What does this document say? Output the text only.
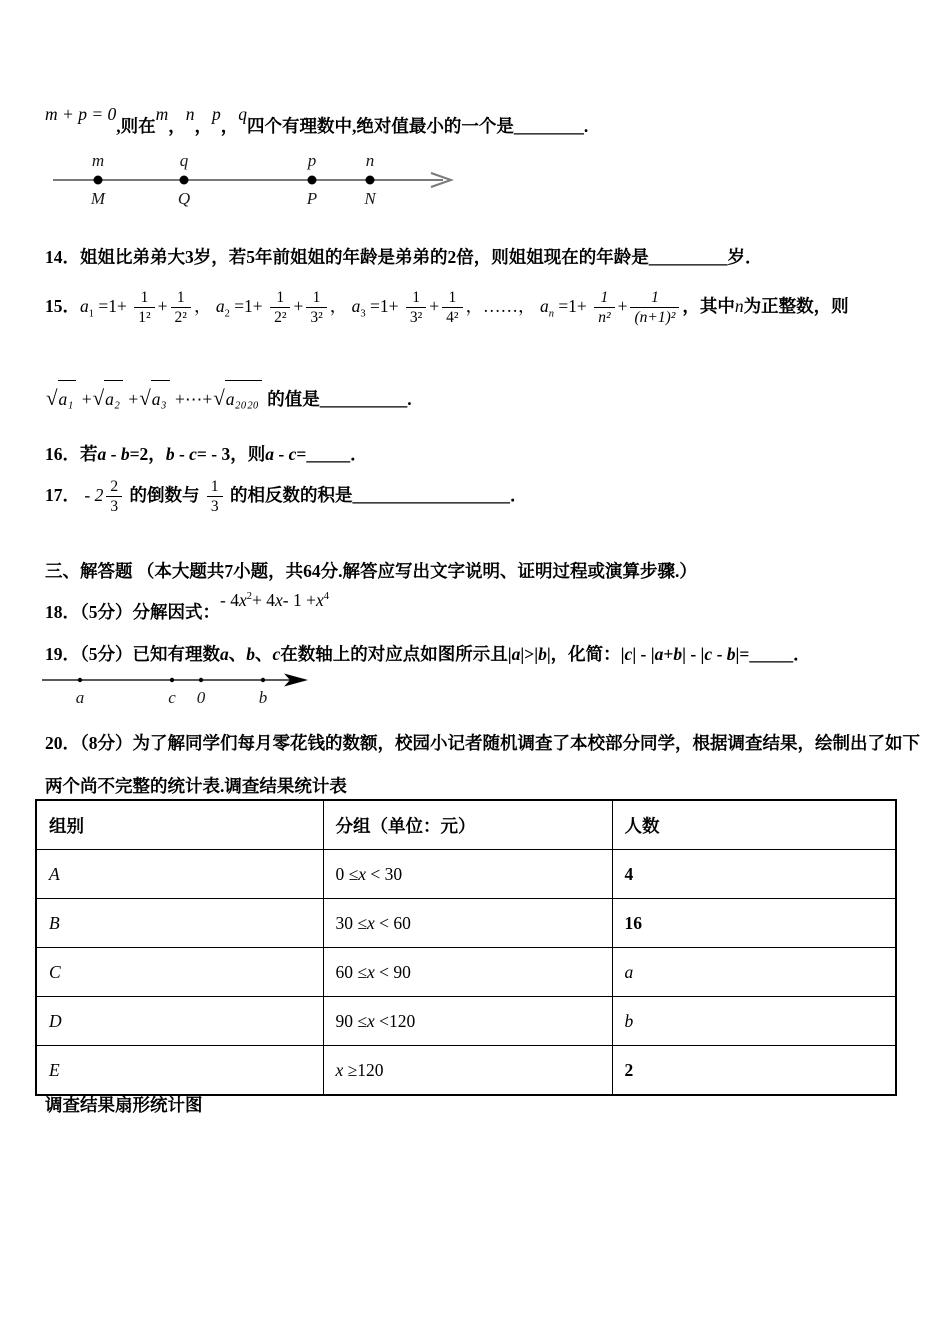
m + p = 0,则在m，n，p，q四个有理数中,绝对值最小的一个是________.
m	q	p	n
M	Q	P	N
14．姐姐比弟弟大3岁，若5年前姐姐的年龄是弟弟的2倍，则姐姐现在的年龄是_________岁．
15．$a_1 =1+ \frac{1}{\text{1²}} + \frac{1}{\text{2²}}$ ， $a_2 =1+ \frac{1}{\text{2²}} + \frac{1}{\text{3²}}$ ， $a_3 =1+ \frac{1}{\text{3²}} + \frac{1}{\text{4²}}$ ，……， $a_n =1+ \frac{1}{\text{n²}} + \frac{1}{\text{(n+1)²}}$ ，其中n为正整数，则
√a₁ +√a₂ +√a₃ +⋯+√a₂₀₂₀ 的值是__________.
16．若a - b=2，b - c= - 3，则a - c=_____．
17． - $2 \frac{2}{3}$ 的倒数与 $\frac{1}{3}$ 的相反数的积是__________________．
三、解答题 （本大题共7小题，共64分.解答应写出文字说明、证明过程或演算步骤.）
18．（5分）分解因式：- 4x2+ 4x- 1 +x4
19．（5分）已知有理数a、b、c在数轴上的对应点如图所示且|a|>|b|，化简：|c| - |a+b| - |c - b|=_____．
a	c 0	b
20．（8分）为了解同学们每月零花钱的数额，校园小记者随机调查了本校部分同学，根据调查结果，绘制出了如下
两个尚不完整的统计表.调查结果统计表
组别	分组（单位：元）	人数
A	0 ≤x < 30	4
B	30 ≤x < 60	16
C	60 ≤x < 90	a
D	90 ≤x <120	b
E	x ≥120	2
调查结果扇形统计图
